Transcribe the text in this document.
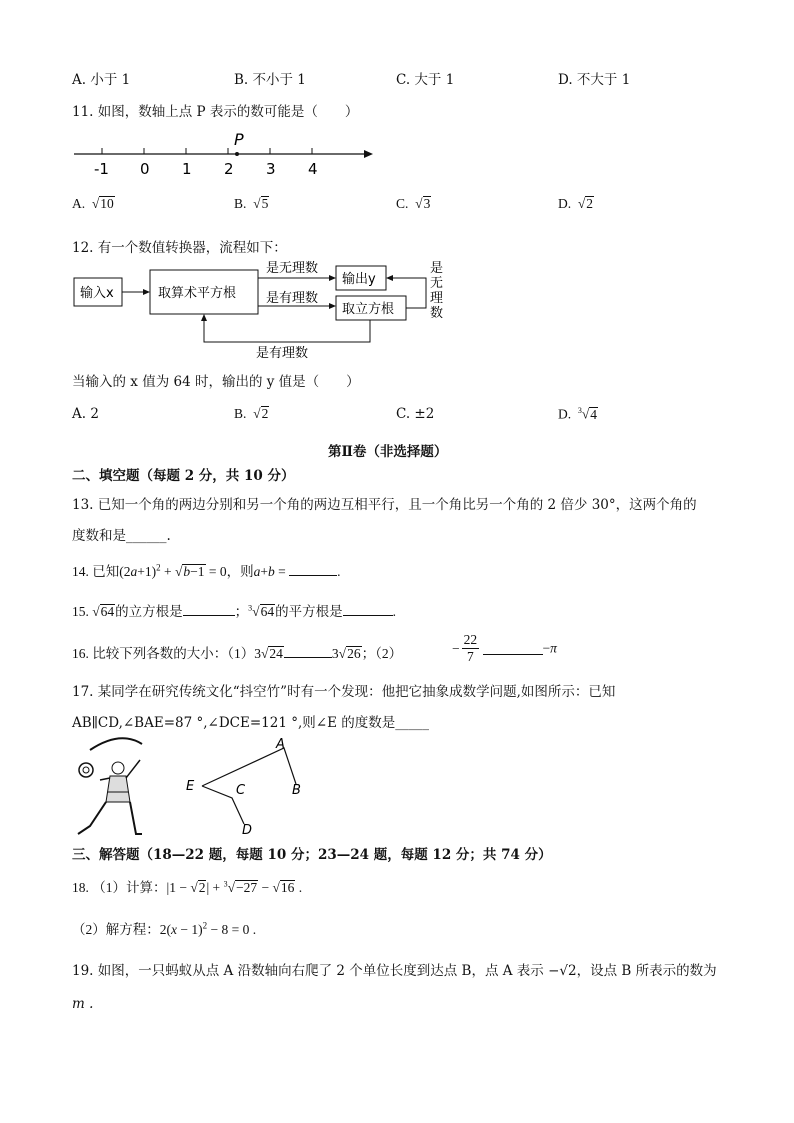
A. 小于 1	B. 不小于 1	C. 大于 1	D. 不大于 1
11. 如图，数轴上点 P 表示的数可能是（　　）
P
-1 0 1 2 3 4
A.  √10	B.  √5	C.  √3	D.  √2
12. 有一个数值转换器，流程如下：
输入x	取算术平方根
是无理数
是有理数
输出y
取立方根
是
无
理
数
是有理数
当输入的 x 值为 64 时，输出的 y 值是（　　）
A. 2	B.  √2	C. ±2	D. $^3$√4
第Ⅱ卷（非选择题）
二、填空题（每题 2 分，共 10 分）
13. 已知一个角的两边分别和另一个角的两边互相平行，且一个角比另一个角的 2 倍少 30°，这两个角的
度数和是______.
14. 已知$(2a+1)^2 + √b-1 = 0$，则a+b =	.
15. √64的立方根是	；$^3$√64的平方根是	.
16. 比较下列各数的大小：（1）3√24	3√26；（2）	− $\frac{22}{7}$	−π
17. 某同学在研究传统文化“抖空竹”时有一个发现：他把它抽象成数学问题,如图所示：已知
AB∥CD,∠BAE=87 °,∠DCE=121 °,则∠E 的度数是_____
A
B
E	C
D
三、解答题（18—22 题，每题 10 分；23—24 题，每题 12 分；共 74 分）
18. （1）计算：|1 − √2| + $^3$√−27 − √16 .
（2）解方程：$2(x - 1)^2 - 8 = 0$ .
19. 如图，一只蚂蚁从点 A 沿数轴向右爬了 2 个单位长度到达点 B，点 A 表示 −√2，设点 B 所表示的数为
m .
